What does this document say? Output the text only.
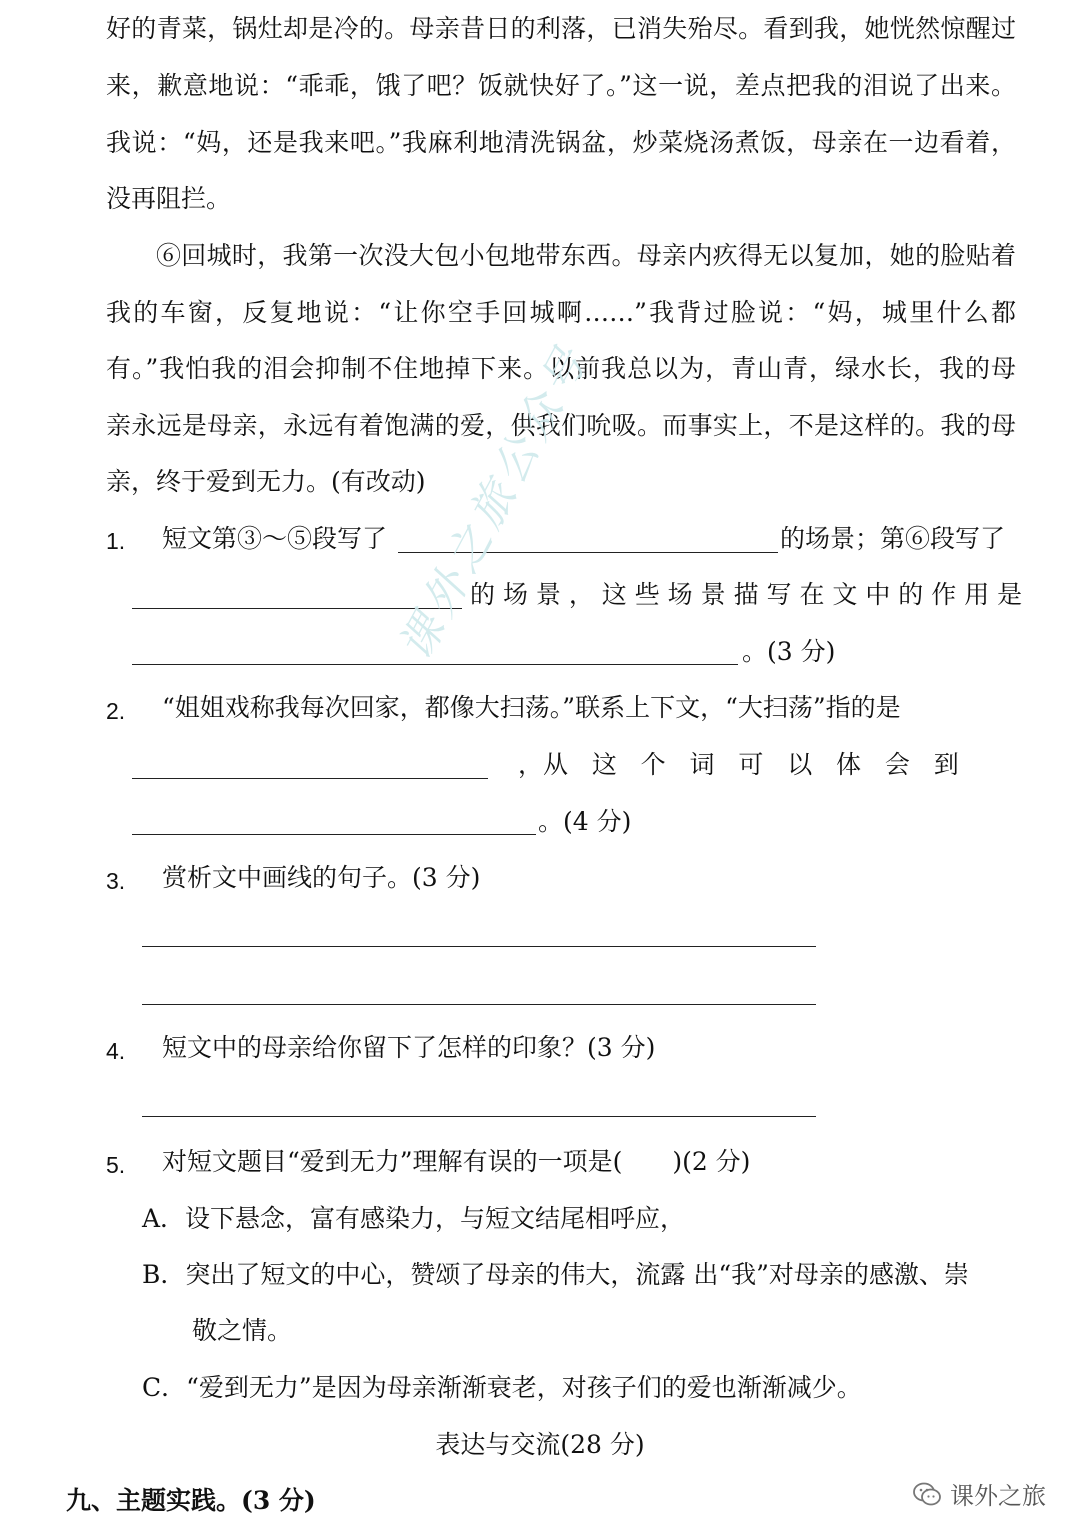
好的青菜，锅灶却是冷的。母亲昔日的利落，已消失殆尽。看到我，她恍然惊醒过
来，歉意地说：“乖乖，饿了吧？饭就快好了。”这一说，差点把我的泪说了出来。
我说：“妈，还是我来吧。”我麻利地清洗锅盆，炒菜烧汤煮饭，母亲在一边看着，
没再阻拦。
⑥回城时，我第一次没大包小包地带东西。母亲内疚得无以复加，她的脸贴着
我的车窗，反复地说：“让你空手回城啊……”我背过脸说：“妈，城里什么都
有。”我怕我的泪会抑制不住地掉下来。以前我总以为，青山青，绿水长，我的母
亲永远是母亲，永远有着饱满的爱，供我们吮吸。而事实上，不是这样的。我的母
亲，终于爱到无力。(有改动)
1. 短文第③～⑤段写了	的场景；第⑥段写了
的 场 景 ， 这 些 场 景 描 写 在 文 中 的 作 用 是
。(3 分)
2. “姐姐戏称我每次回家，都像大扫荡。”联系上下文，“大扫荡”指的是
，从   这   个   词   可   以   体   会   到
。(4 分)
3. 赏析文中画线的句子。(3 分)
4. 短文中的母亲给你留下了怎样的印象？(3 分)
5. 对短文题目“爱到无力”理解有误的一项是(　　)(2 分)
A．设下悬念，富有感染力，与短文结尾相呼应，
B．突出了短文的中心，赞颂了母亲的伟大，流露 出“我”对母亲的感激、崇
敬之情。
C．“爱到无力”是因为母亲渐渐衰老，对孩子们的爱也渐渐减少。
表达与交流(28 分)
九、主题实践。(3 分)
课外之旅公众号
课外之旅
